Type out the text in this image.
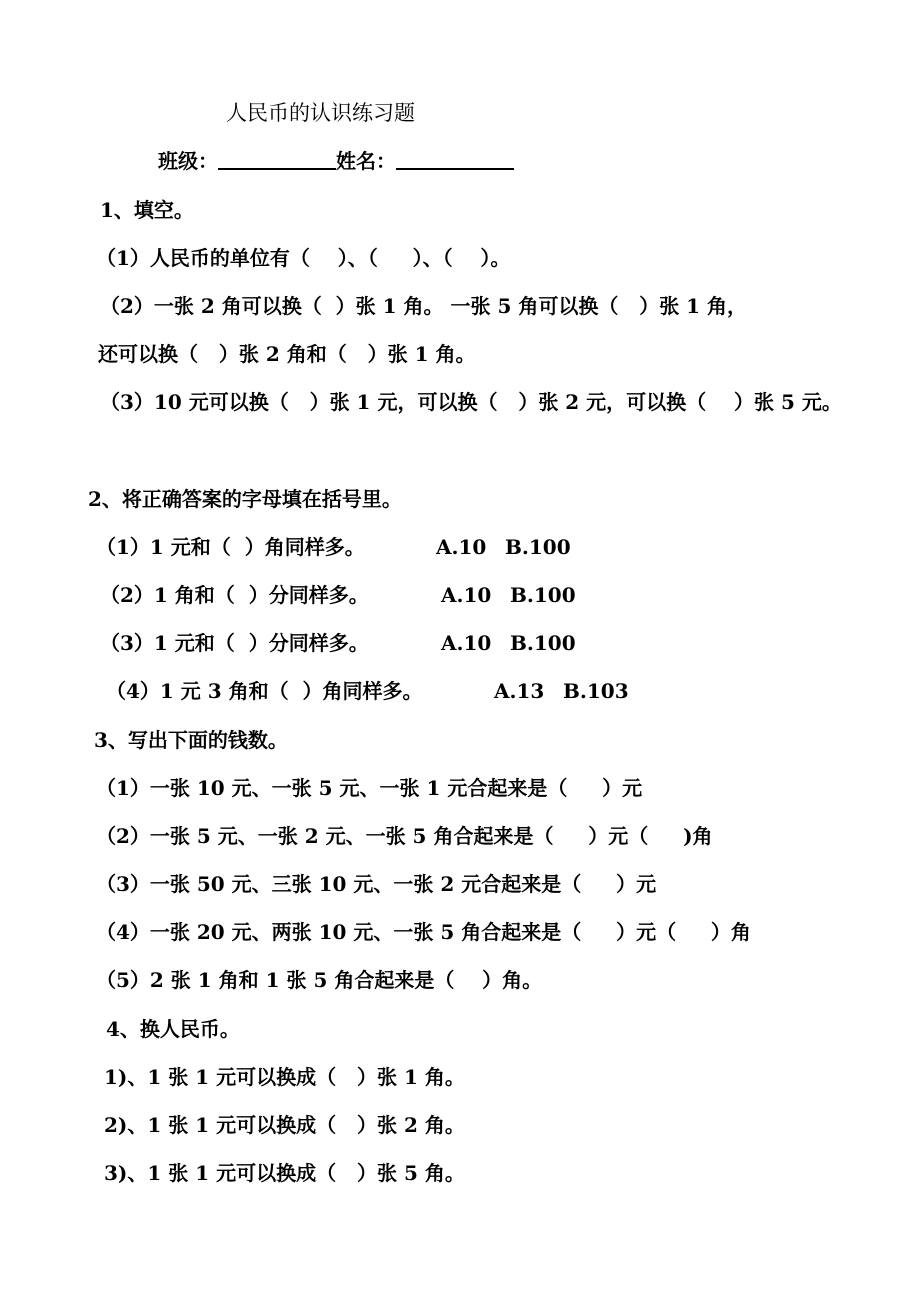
人民币的认识练习题
班级：	姓名：
1、填空。
（1）人民币的单位有（    ）、（     ）、（    ）。
（2）一张 2 角可以换（  ）张 1 角。 一张 5 角可以换（   ）张 1 角，
还可以换（   ）张 2 角和（   ）张 1 角。
（3）10 元可以换（   ）张 1 元，可以换（   ）张 2 元，可以换（    ）张 5 元。
2、将正确答案的字母填在括号里。
（1）1 元和（  ）角同样多。	A.10 B.100
（2）1 角和（  ）分同样多。	A.10 B.100
（3）1 元和（  ）分同样多。	A.10 B.100
（4）1 元 3 角和（  ）角同样多。	A.13 B.103
3、写出下面的钱数。
（1）一张 10 元、一张 5 元、一张 1 元合起来是（     ）元
（2）一张 5 元、一张 2 元、一张 5 角合起来是（     ）元（     )角
（3）一张 50 元、三张 10 元、一张 2 元合起来是（     ）元
（4）一张 20 元、两张 10 元、一张 5 角合起来是（     ）元（     ）角
（5）2 张 1 角和 1 张 5 角合起来是（    ）角。
4、换人民币。
1)、1 张 1 元可以换成（   ）张 1 角。
2)、1 张 1 元可以换成（   ）张 2 角。
3)、1 张 1 元可以换成（   ）张 5 角。
